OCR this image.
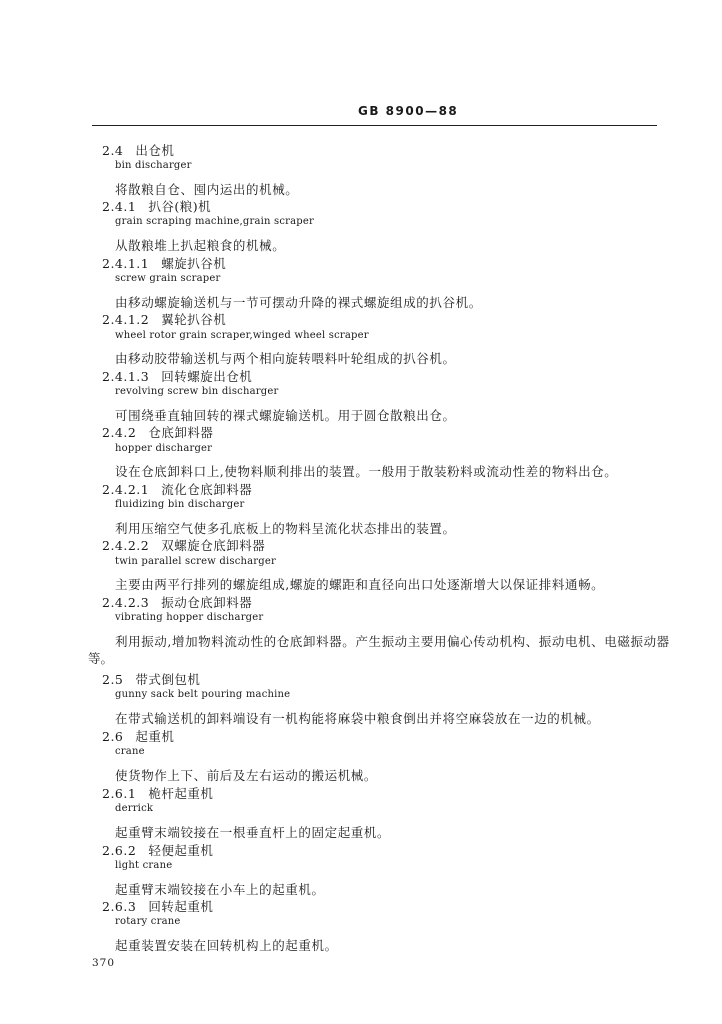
GB 8900—88
2.4 出仓机
bin discharger
将散粮自仓、囤内运出的机械。
2.4.1 扒谷(粮)机
grain scraping machine,grain scraper
从散粮堆上扒起粮食的机械。
2.4.1.1 螺旋扒谷机
screw grain scraper
由移动螺旋输送机与一节可摆动升降的裸式螺旋组成的扒谷机。
2.4.1.2 翼轮扒谷机
wheel rotor grain scraper,winged wheel scraper
由移动胶带输送机与两个相向旋转喂料叶轮组成的扒谷机。
2.4.1.3 回转螺旋出仓机
revolving screw bin discharger
可围绕垂直轴回转的裸式螺旋输送机。用于圆仓散粮出仓。
2.4.2 仓底卸料器
hopper discharger
设在仓底卸料口上,使物料顺利排出的装置。一般用于散装粉料或流动性差的物料出仓。
2.4.2.1 流化仓底卸料器
fluidizing bin discharger
利用压缩空气使多孔底板上的物料呈流化状态排出的装置。
2.4.2.2 双螺旋仓底卸料器
twin parallel screw discharger
主要由两平行排列的螺旋组成,螺旋的螺距和直径向出口处逐渐增大以保证排料通畅。
2.4.2.3 振动仓底卸料器
vibrating hopper discharger
利用振动,增加物料流动性的仓底卸料器。产生振动主要用偏心传动机构、振动电机、电磁振动器
等。
2.5 带式倒包机
gunny sack belt pouring machine
在带式输送机的卸料端设有一机构能将麻袋中粮食倒出并将空麻袋放在一边的机械。
2.6 起重机
crane
使货物作上下、前后及左右运动的搬运机械。
2.6.1 桅杆起重机
derrick
起重臂末端铰接在一根垂直杆上的固定起重机。
2.6.2 轻便起重机
light crane
起重臂末端铰接在小车上的起重机。
2.6.3 回转起重机
rotary crane
起重装置安装在回转机构上的起重机。
370
